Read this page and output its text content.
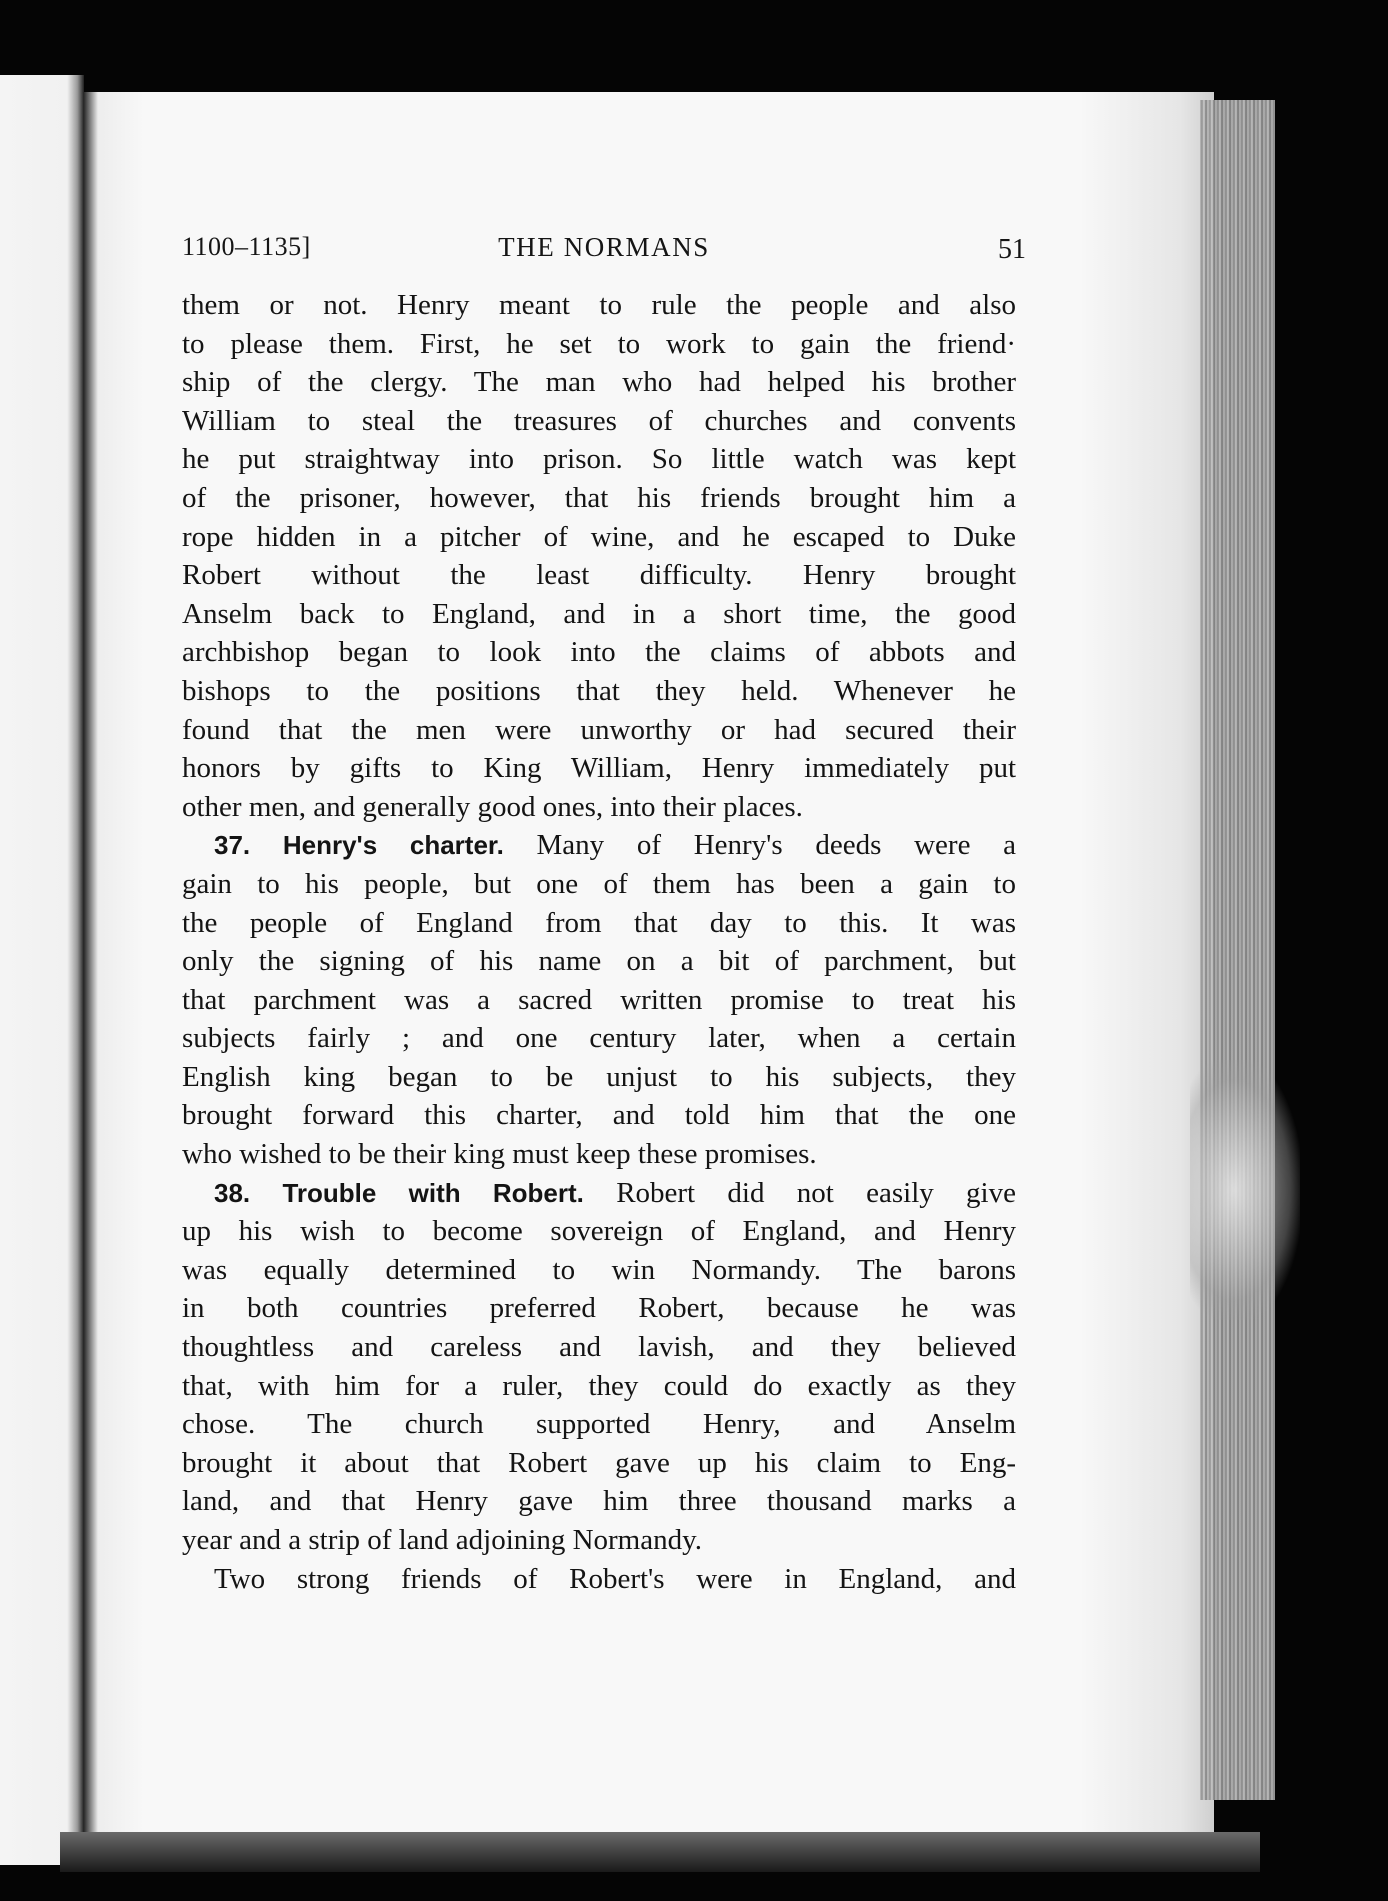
1100–1135]	THE NORMANS	51
them or not. Henry meant to rule the people and also
to please them. First, he set to work to gain the friend·
ship of the clergy. The man who had helped his brother
William to steal the treasures of churches and convents
he put straightway into prison. So little watch was kept
of the prisoner, however, that his friends brought him a
rope hidden in a pitcher of wine, and he escaped to Duke
Robert without the least difficulty. Henry brought
Anselm back to England, and in a short time, the good
archbishop began to look into the claims of abbots and
bishops to the positions that they held. Whenever he
found that the men were unworthy or had secured their
honors by gifts to King William, Henry immediately put
other men, and generally good ones, into their places.
37. Henry's charter. Many of Henry's deeds were a
gain to his people, but one of them has been a gain to
the people of England from that day to this. It was
only the signing of his name on a bit of parchment, but
that parchment was a sacred written promise to treat his
subjects fairly ; and one century later, when a certain
English king began to be unjust to his subjects, they
brought forward this charter, and told him that the one
who wished to be their king must keep these promises.
38. Trouble with Robert. Robert did not easily give
up his wish to become sovereign of England, and Henry
was equally determined to win Normandy. The barons
in both countries preferred Robert, because he was
thoughtless and careless and lavish, and they believed
that, with him for a ruler, they could do exactly as they
chose. The church supported Henry, and Anselm
brought it about that Robert gave up his claim to Eng-
land, and that Henry gave him three thousand marks a
year and a strip of land adjoining Normandy.
Two strong friends of Robert's were in England, and
